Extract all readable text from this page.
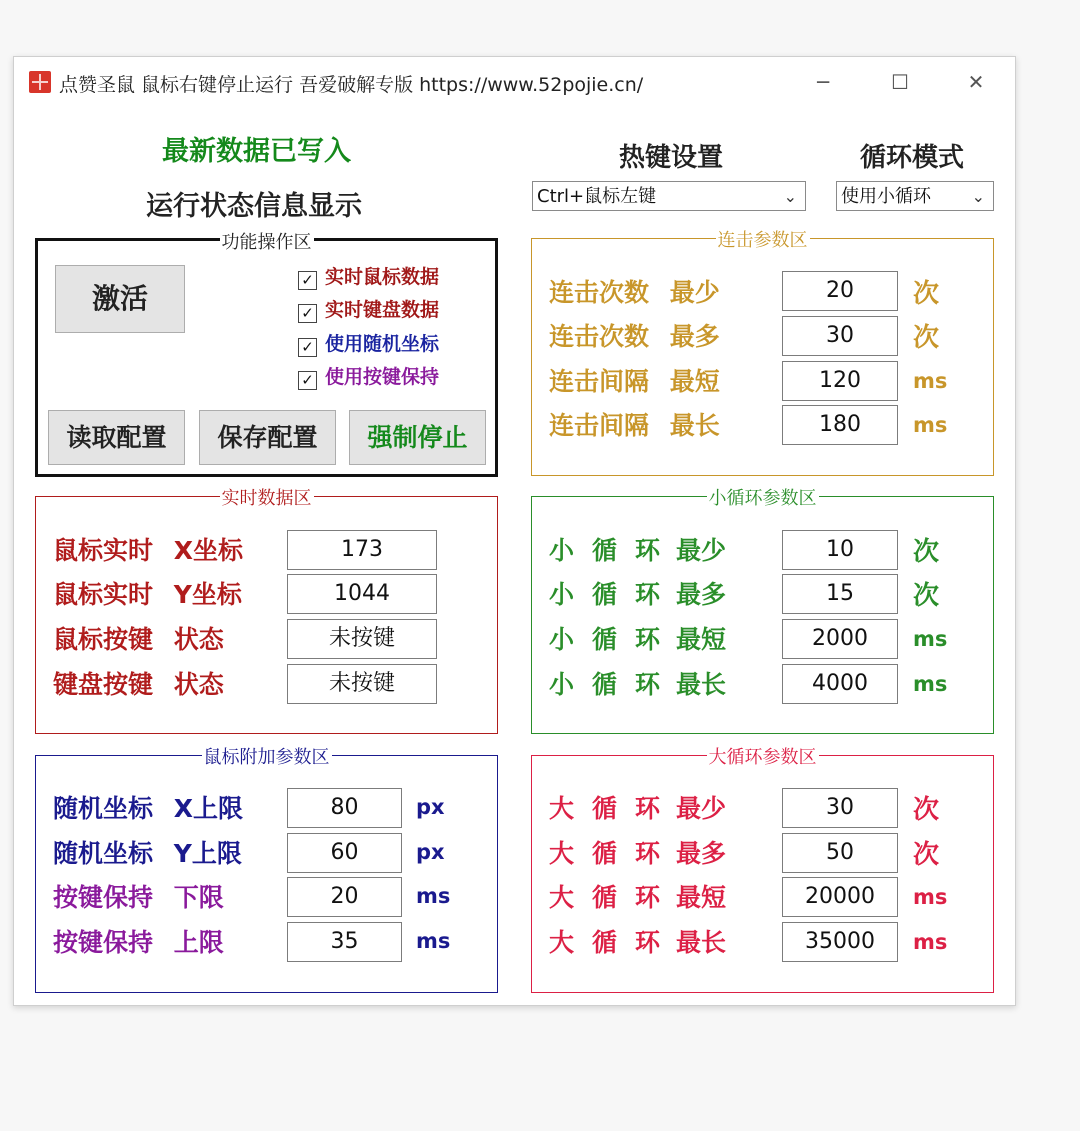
点赞圣鼠 鼠标右键停止运行 吾爱破解专版 https://www.52pojie.cn/	─	☐	✕
最新数据已写入
运行状态信息显示
热键设置	循环模式
Ctrl+鼠标左键	⌄ 使用小循环	⌄
功能操作区
激活
✓ 实时鼠标数据
✓ 实时键盘数据
✓ 使用随机坐标
✓ 使用按键保持
读取配置	保存配置	强制停止
实时数据区
鼠标实时 X坐标	173
鼠标实时 Y坐标	1044
鼠标按键 状态	未按键
键盘按键 状态	未按键
鼠标附加参数区
随机坐标 X上限	80	px
随机坐标 Y上限	60	px
按键保持 下限	20	ms
按键保持 上限	35	ms
连击参数区
连击次数 最少	20	次
连击次数 最多	30	次
连击间隔 最短	120	ms
连击间隔 最长	180	ms
小循环参数区
小 循 环 最少	10	次
小 循 环 最多	15	次
小 循 环 最短	2000	ms
小 循 环 最长	4000	ms
大循环参数区
大 循 环 最少	30	次
大 循 环 最多	50	次
大 循 环 最短	20000	ms
大 循 环 最长	35000	ms
